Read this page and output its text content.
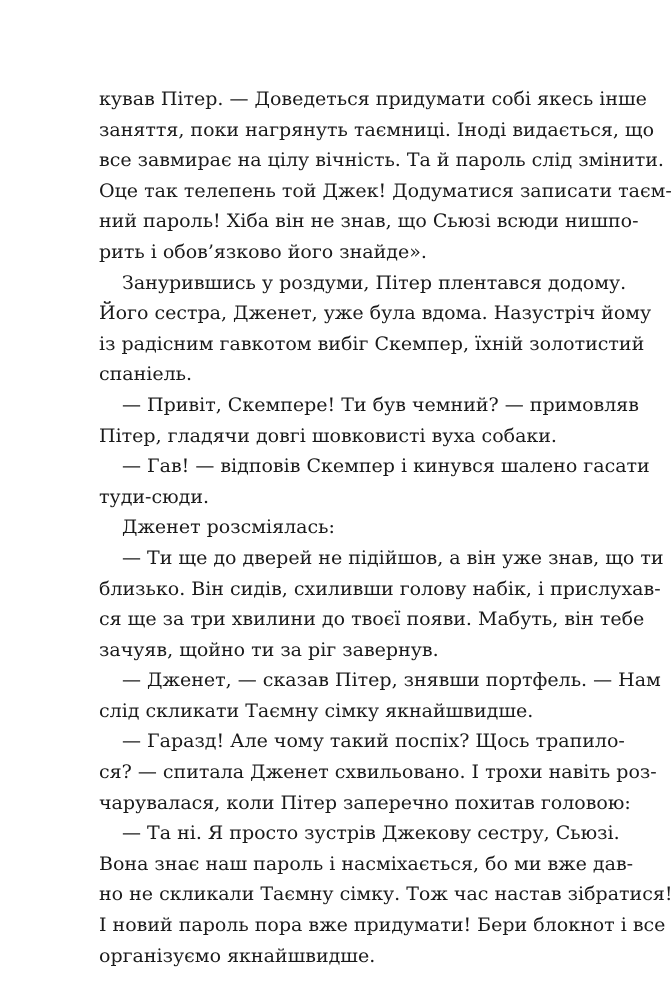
кував Пітер. — Доведеться придумати собі якесь інше
заняття, поки нагрянуть таємниці. Іноді видається, що
все завмирає на цілу вічність. Та й пароль слід змінити.
Оце так телепень той Джек! Додуматися записати таєм-
ний пароль! Хіба він не знав, що Сьюзі всюди нишпо-
рить і обов’язково його знайде».
Занурившись у роздуми, Пітер плентався додому.
Його сестра, Дженет, уже була вдома. Назустріч йому
із радісним гавкотом вибіг Скемпер, їхній золотистий
спаніель.
— Привіт, Скемпере! Ти був чемний? — примовляв
Пітер, гладячи довгі шовковисті вуха собаки.
— Гав! — відповів Скемпер і кинувся шалено гасати
туди-сюди.
Дженет розсміялась:
— Ти ще до дверей не підійшов, а він уже знав, що ти
близько. Він сидів, схиливши голову набік, і прислухав-
ся ще за три хвилини до твоєї появи. Мабуть, він тебе
зачуяв, щойно ти за ріг завернув.
— Дженет, — сказав Пітер, знявши портфель. — Нам
слід скликати Таємну сімку якнайшвидше.
— Гаразд! Але чому такий поспіх? Щось трапило-
ся? — спитала Дженет схвильовано. І трохи навіть роз-
чарувалася, коли Пітер заперечно похитав головою:
— Та ні. Я просто зустрів Джекову сестру, Сьюзі.
Вона знає наш пароль і насміхається, бо ми вже дав-
но не скликали Таємну сімку. Тож час настав зібратися!
І новий пароль пора вже придумати! Бери блокнот і все
організуємо якнайшвидше.
